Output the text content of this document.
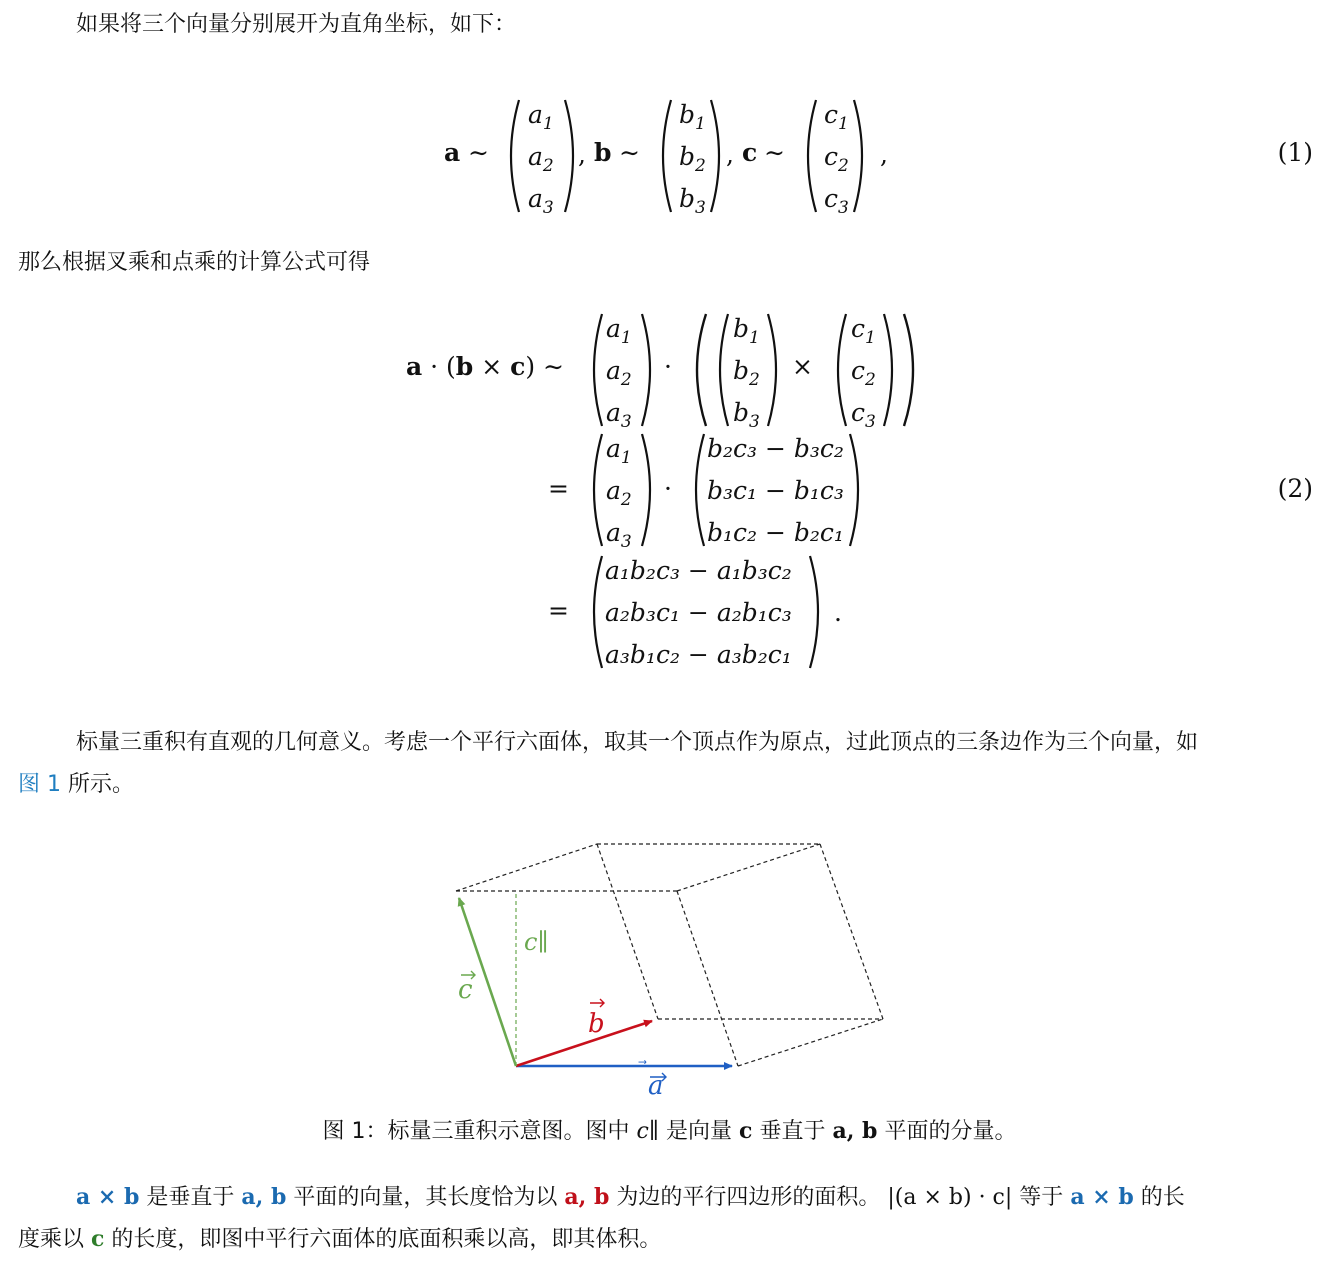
如果将三个向量分别展开为直角坐标，如下：

a ∼
$a_1$
$a_2$
$a_3$
, b ∼
$b_1$
$b_2$
$b_3$
, c ∼
$c_1$
$c_2$
$c_3$
,	(1)

那么根据叉乘和点乘的计算公式可得

a · (b × c) ∼
$a_1$
$a_2$
$a_3$
·
$b_1$
$b_2$
$b_3$
×
$c_1$
$c_2$
$c_3$
=
$a_1$
$a_2$
$a_3$
·
b₂c₃ − b₃c₂
b₃c₁ − b₁c₃
b₁c₂ − b₂c₁
(2)
=
a₁b₂c₃ − a₁b₃c₂
a₂b₃c₁ − a₂b₁c₃
a₃b₁c₂ − a₃b₂c₁
.

标量三重积有直观的几何意义。考虑一个平行六面体，取其一个顶点作为原点，过此顶点的三条边作为三个向量，如

图 1 所示。

a
b
c
c∥
图 1：标量三重积示意图。图中 c∥ 是向量 c 垂直于 a, b 平面的分量。

a × b 是垂直于 a, b 平面的向量，其长度恰为以 a, b 为边的平行四边形的面积。 |(a × b) · c| 等于 a × b 的长

度乘以 c 的长度，即图中平行六面体的底面积乘以高，即其体积。
